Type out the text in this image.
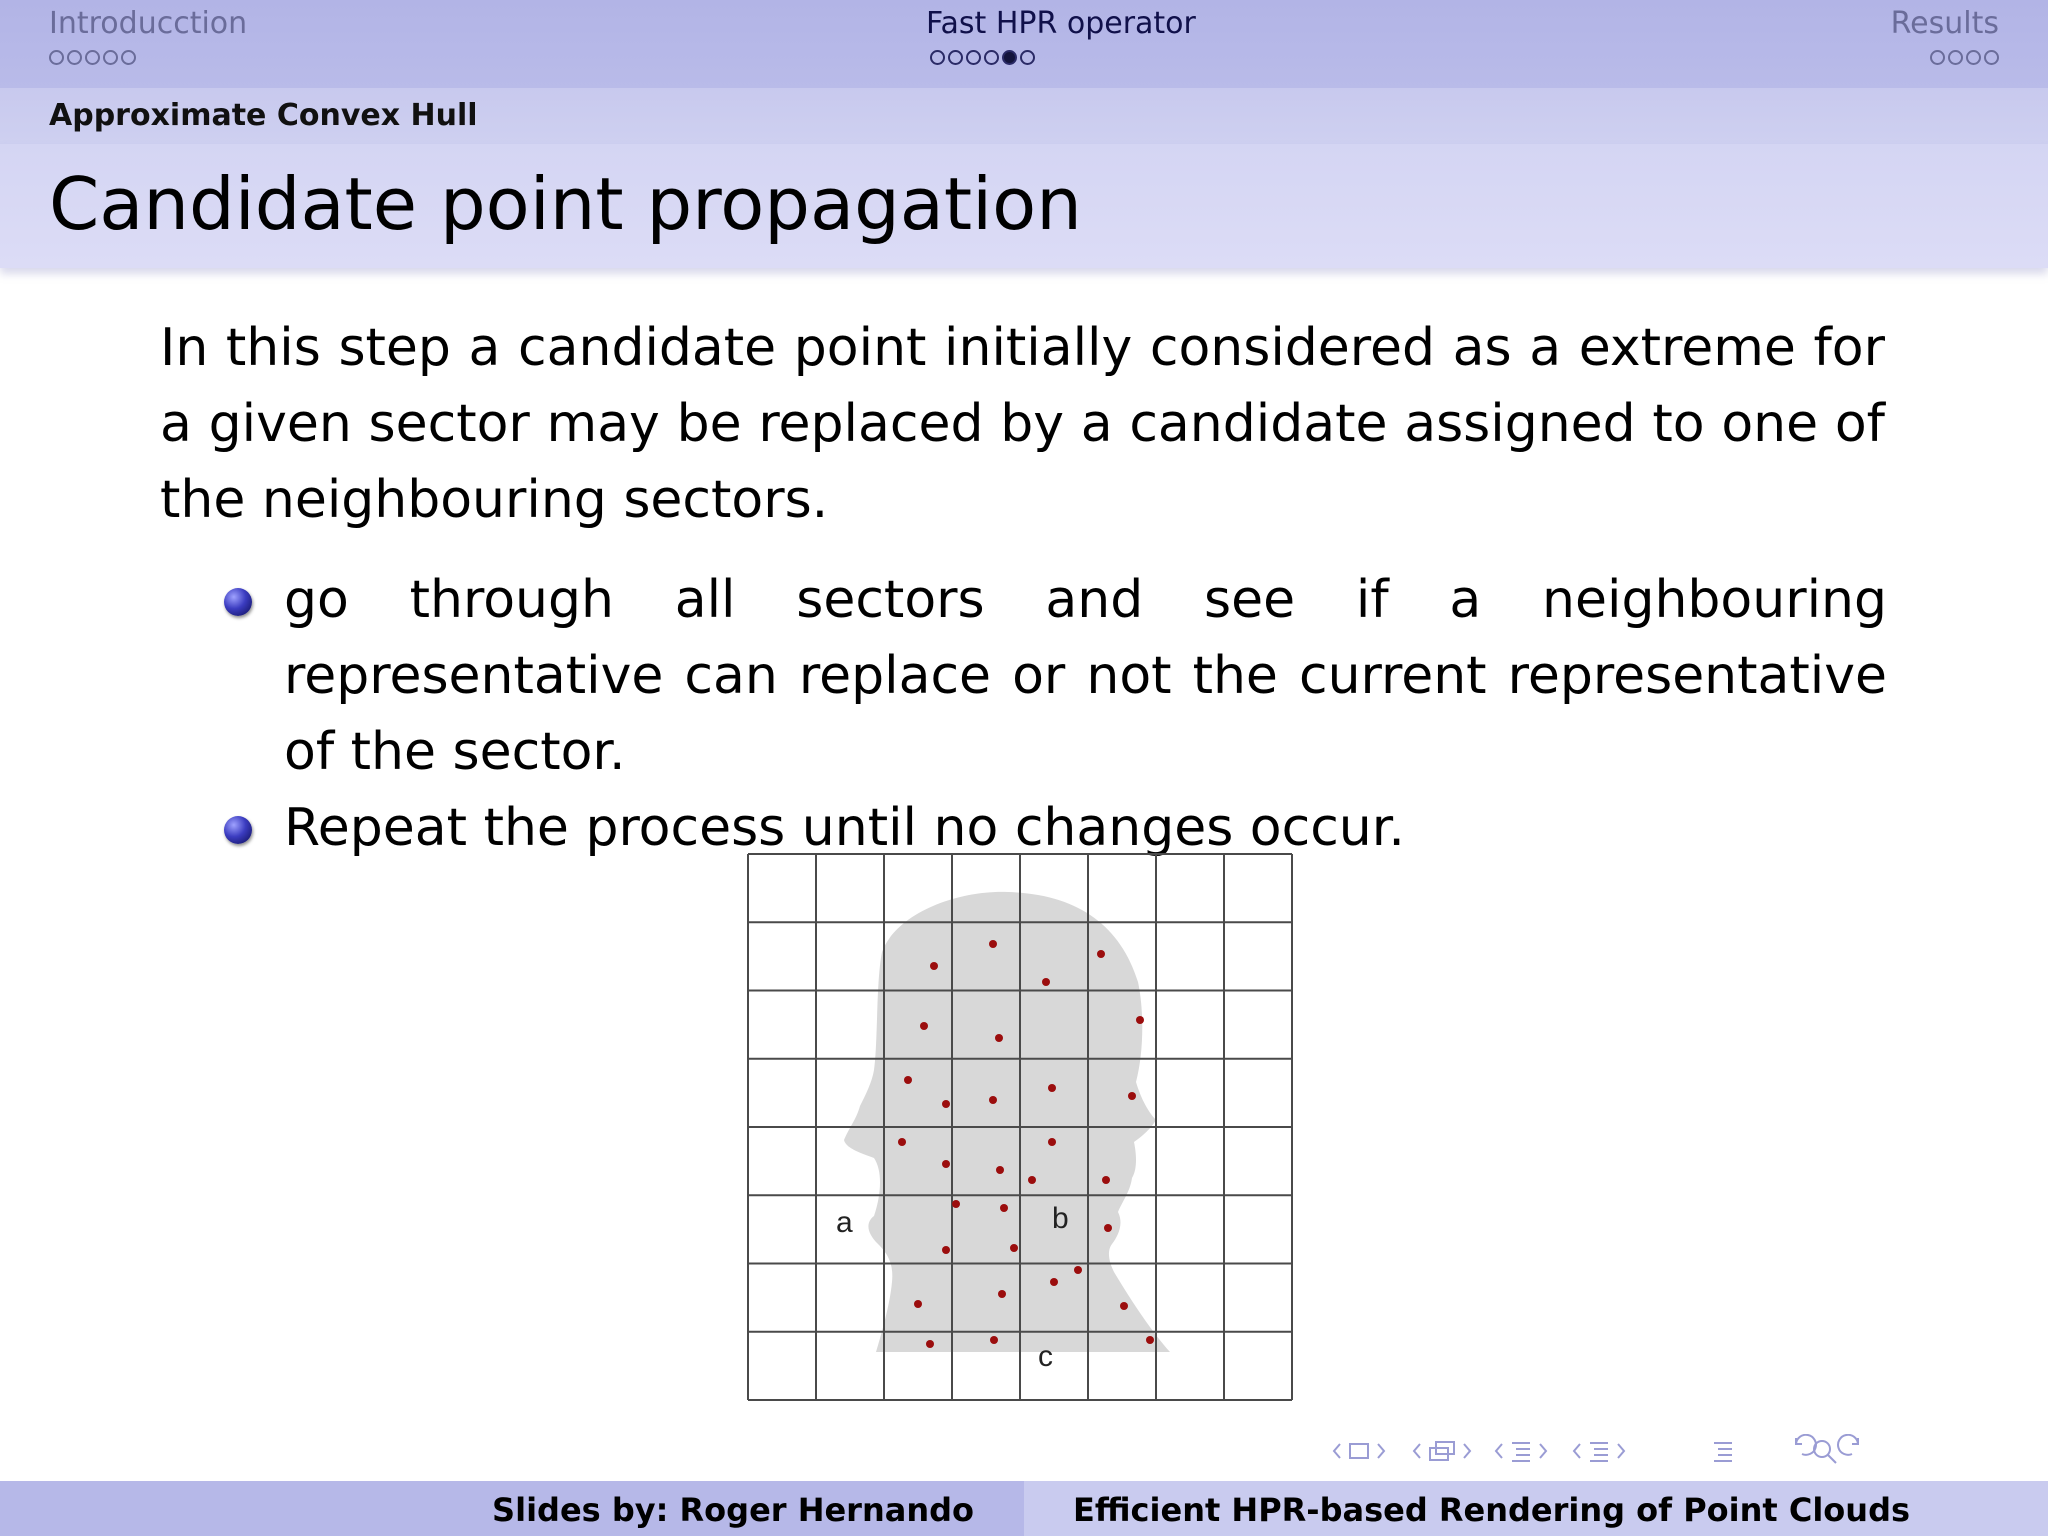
Introducction	Fast HPR operator	Results
Approximate Convex Hull
Candidate point propagation
In this step a candidate point initially considered as a extreme for a given sector may be replaced by a candidate assigned to one of the neighbouring sectors.
go through all sectors and see if a neighbouring representative can replace or not the current representative of the sector.
Repeat the process until no changes occur.
a	b
c
Slides by: Roger Hernando	Efficient HPR-based Rendering of Point Clouds
